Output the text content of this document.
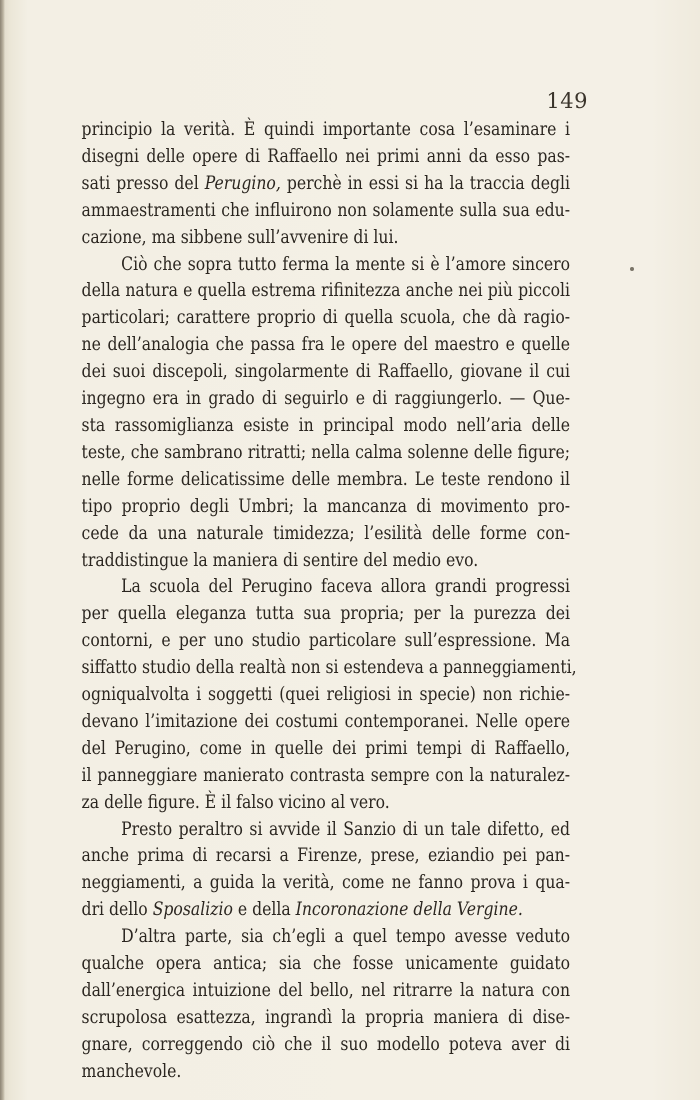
149
principio la verità. È quindi importante cosa l’esaminare i
disegni delle opere di Raffaello nei primi anni da esso pas-
sati presso del Perugino, perchè in essi si ha la traccia degli
ammaestramenti che influirono non solamente sulla sua edu-
cazione, ma sibbene sull’avvenire di lui.
Ciò che sopra tutto ferma la mente si è l’amore sincero
della natura e quella estrema rifinitezza anche nei più piccoli
particolari; carattere proprio di quella scuola, che dà ragio-
ne dell’analogia che passa fra le opere del maestro e quelle
dei suoi discepoli, singolarmente di Raffaello, giovane il cui
ingegno era in grado di seguirlo e di raggiungerlo. — Que-
sta rassomiglianza esiste in principal modo nell’aria delle
teste, che sambrano ritratti; nella calma solenne delle figure;
nelle forme delicatissime delle membra. Le teste rendono il
tipo proprio degli Umbri; la mancanza di movimento pro-
cede da una naturale timidezza; l’esilità delle forme con-
traddistingue la maniera di sentire del medio evo.
La scuola del Perugino faceva allora grandi progressi
per quella eleganza tutta sua propria; per la purezza dei
contorni, e per uno studio particolare sull’espressione. Ma
siffatto studio della realtà non si estendeva a panneggiamenti,
ogniqualvolta i soggetti (quei religiosi in specie) non richie-
devano l’imitazione dei costumi contemporanei. Nelle opere
del Perugino, come in quelle dei primi tempi di Raffaello,
il panneggiare manierato contrasta sempre con la naturalez-
za delle figure. È il falso vicino al vero.
Presto peraltro si avvide il Sanzio di un tale difetto, ed
anche prima di recarsi a Firenze, prese, eziandio pei pan-
neggiamenti, a guida la verità, come ne fanno prova i qua-
dri dello Sposalizio e della Incoronazione della Vergine.
D’altra parte, sia ch’egli a quel tempo avesse veduto
qualche opera antica; sia che fosse unicamente guidato
dall’energica intuizione del bello, nel ritrarre la natura con
scrupolosa esattezza, ingrandì la propria maniera di dise-
gnare, correggendo ciò che il suo modello poteva aver di
manchevole.
